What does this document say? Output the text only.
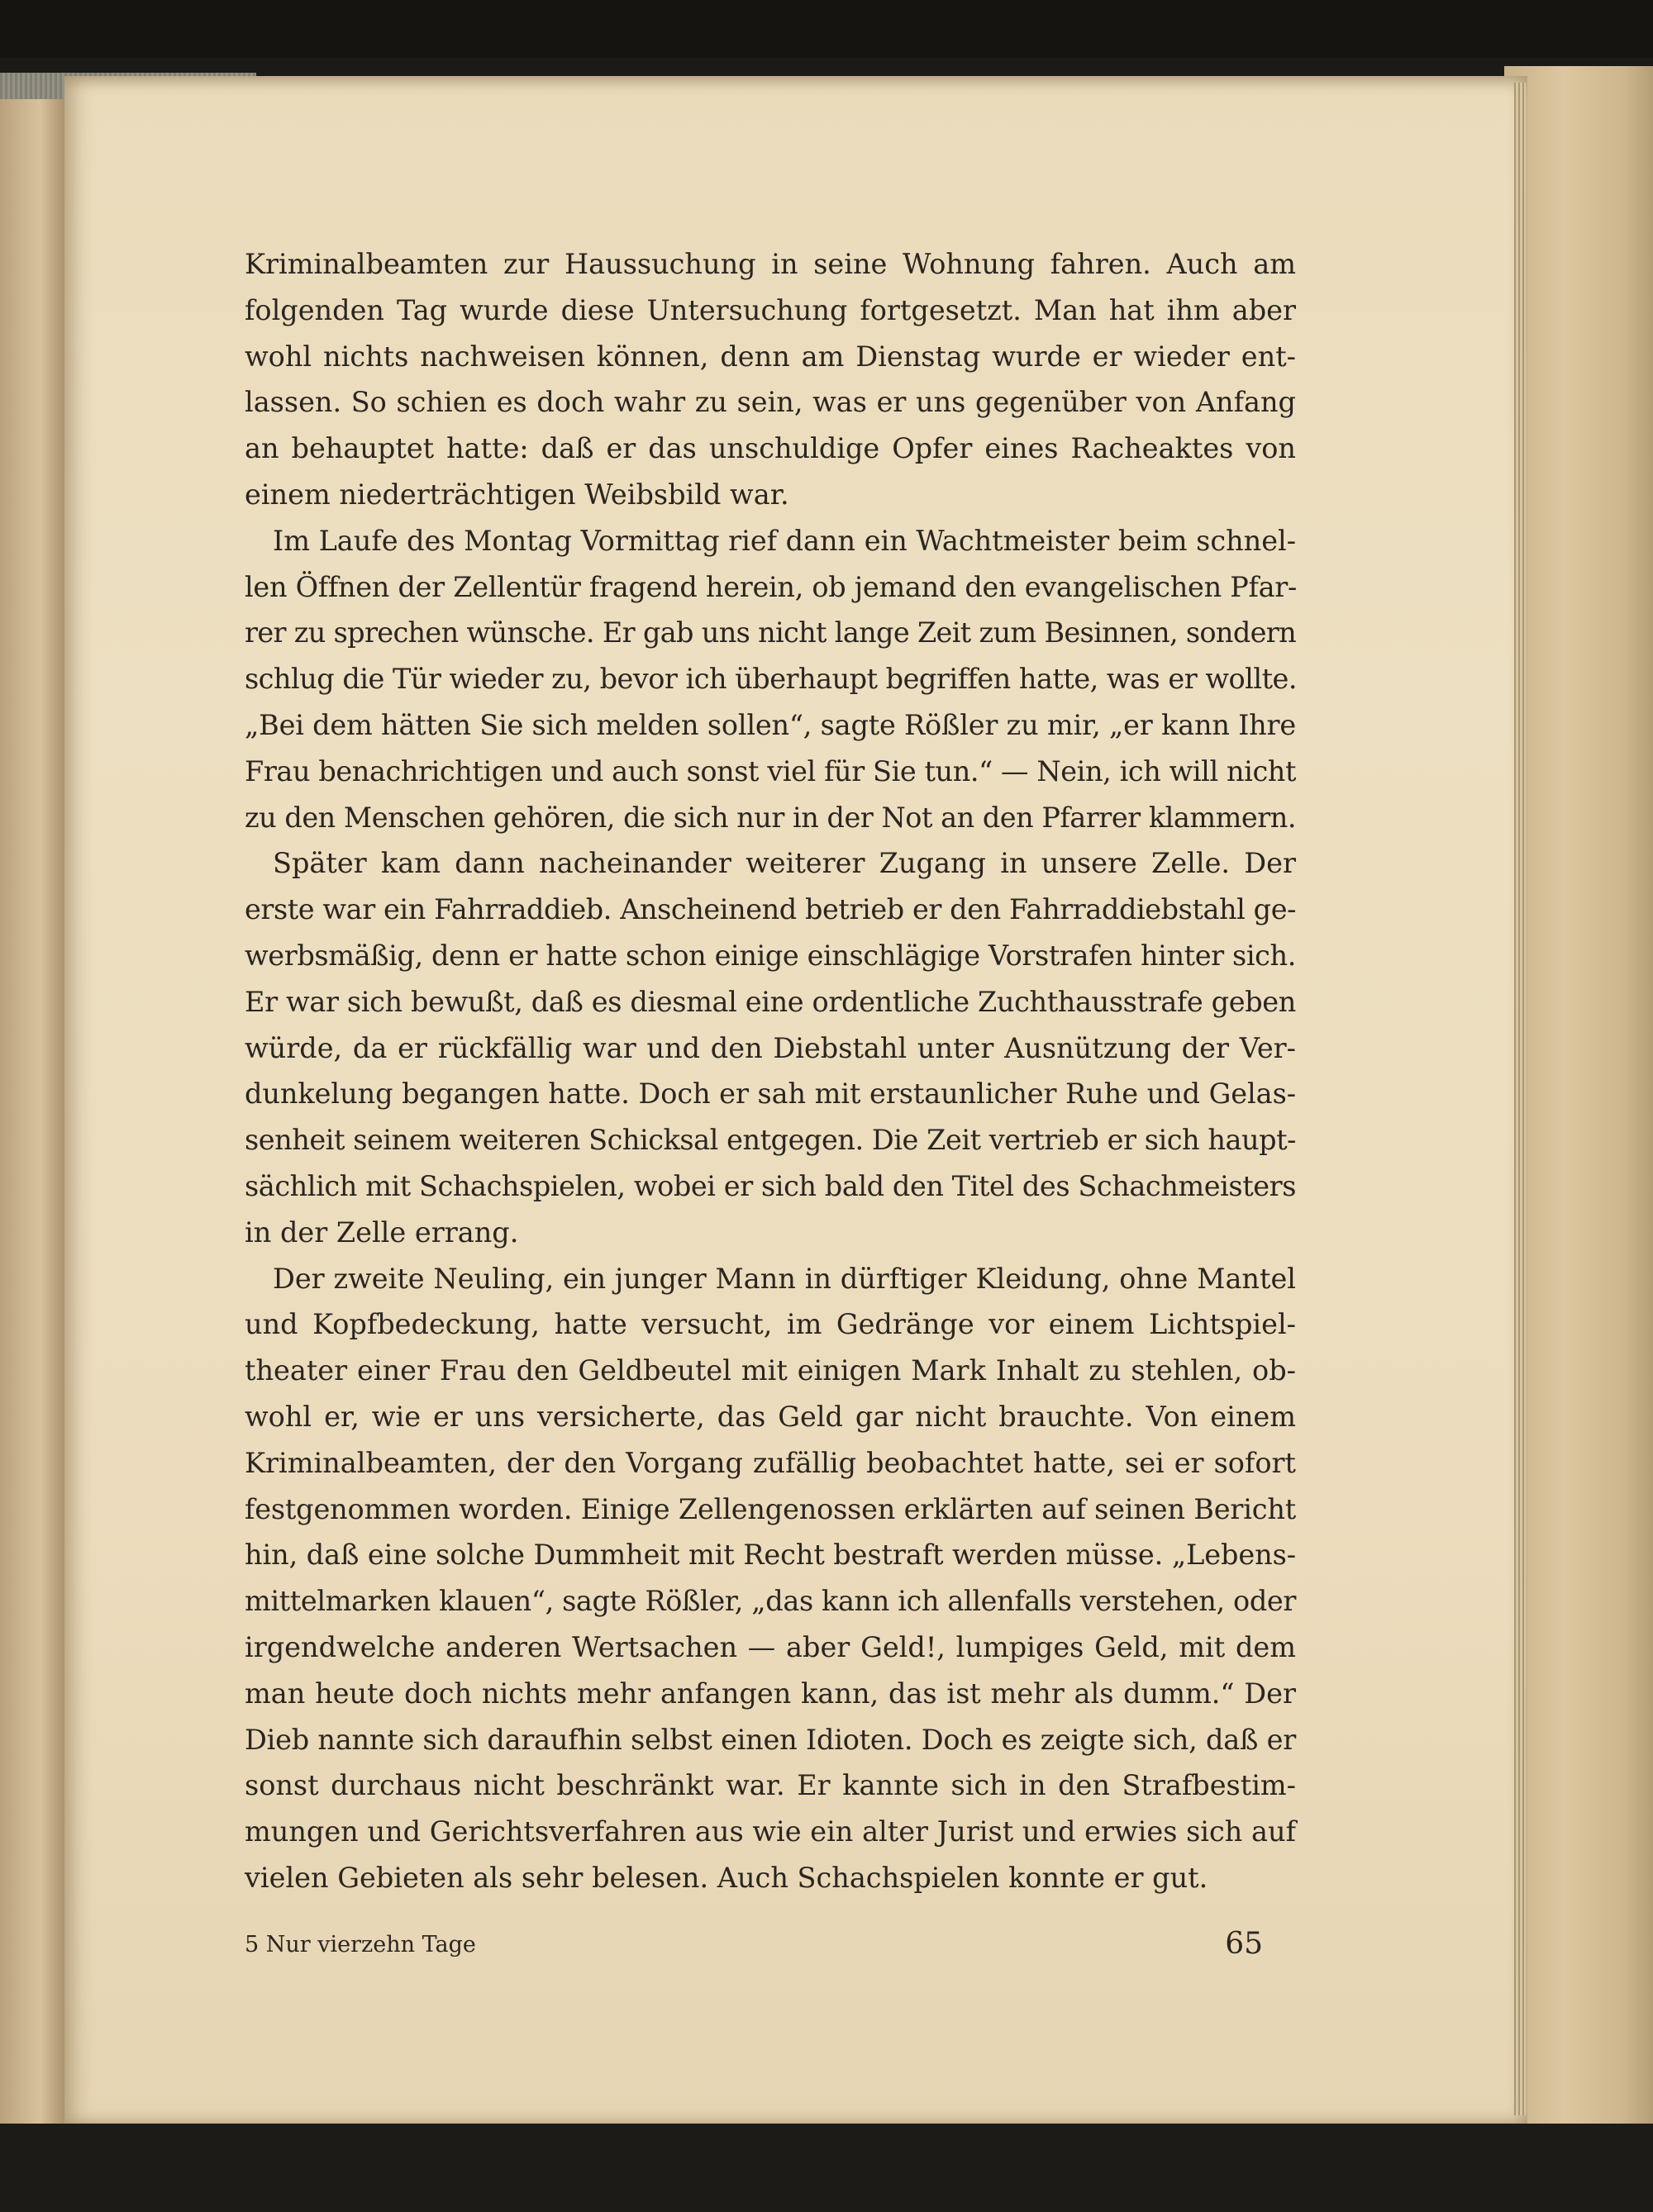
Kriminalbeamten zur Haussuchung in seine Wohnung fahren. Auch am
folgenden Tag wurde diese Untersuchung fortgesetzt. Man hat ihm aber
wohl nichts nachweisen können, denn am Dienstag wurde er wieder ent-
lassen. So schien es doch wahr zu sein, was er uns gegenüber von Anfang
an behauptet hatte: daß er das unschuldige Opfer eines Racheaktes von
einem niederträchtigen Weibsbild war.
Im Laufe des Montag Vormittag rief dann ein Wachtmeister beim schnel-
len Öffnen der Zellentür fragend herein, ob jemand den evangelischen Pfar-
rer zu sprechen wünsche. Er gab uns nicht lange Zeit zum Besinnen, sondern
schlug die Tür wieder zu, bevor ich überhaupt begriffen hatte, was er wollte.
„Bei dem hätten Sie sich melden sollen“, sagte Rößler zu mir, „er kann Ihre
Frau benachrichtigen und auch sonst viel für Sie tun.“ — Nein, ich will nicht
zu den Menschen gehören, die sich nur in der Not an den Pfarrer klammern.
Später kam dann nacheinander weiterer Zugang in unsere Zelle. Der
erste war ein Fahrraddieb. Anscheinend betrieb er den Fahrraddiebstahl ge-
werbsmäßig, denn er hatte schon einige einschlägige Vorstrafen hinter sich.
Er war sich bewußt, daß es diesmal eine ordentliche Zuchthausstrafe geben
würde, da er rückfällig war und den Diebstahl unter Ausnützung der Ver-
dunkelung begangen hatte. Doch er sah mit erstaunlicher Ruhe und Gelas-
senheit seinem weiteren Schicksal entgegen. Die Zeit vertrieb er sich haupt-
sächlich mit Schachspielen, wobei er sich bald den Titel des Schachmeisters
in der Zelle errang.
Der zweite Neuling, ein junger Mann in dürftiger Kleidung, ohne Mantel
und Kopfbedeckung, hatte versucht, im Gedränge vor einem Lichtspiel-
theater einer Frau den Geldbeutel mit einigen Mark Inhalt zu stehlen, ob-
wohl er, wie er uns versicherte, das Geld gar nicht brauchte. Von einem
Kriminalbeamten, der den Vorgang zufällig beobachtet hatte, sei er sofort
festgenommen worden. Einige Zellengenossen erklärten auf seinen Bericht
hin, daß eine solche Dummheit mit Recht bestraft werden müsse. „Lebens-
mittelmarken klauen“, sagte Rößler, „das kann ich allenfalls verstehen, oder
irgendwelche anderen Wertsachen — aber Geld!, lumpiges Geld, mit dem
man heute doch nichts mehr anfangen kann, das ist mehr als dumm.“ Der
Dieb nannte sich daraufhin selbst einen Idioten. Doch es zeigte sich, daß er
sonst durchaus nicht beschränkt war. Er kannte sich in den Strafbestim-
mungen und Gerichtsverfahren aus wie ein alter Jurist und erwies sich auf
vielen Gebieten als sehr belesen. Auch Schachspielen konnte er gut.
5 Nur vierzehn Tage	65
